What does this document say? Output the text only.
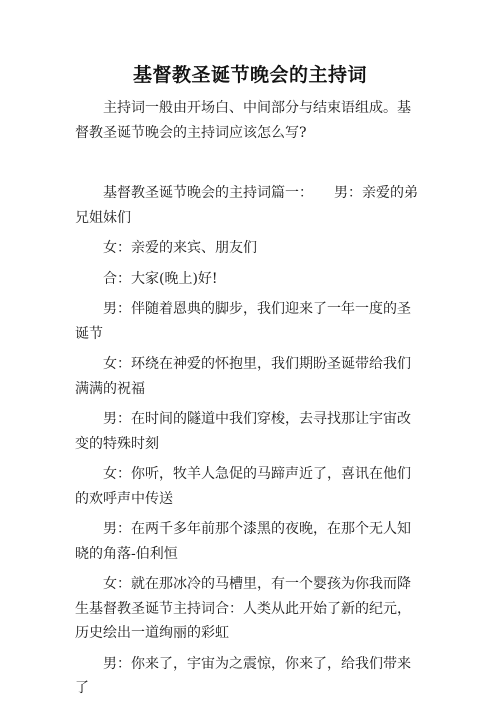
基督教圣诞节晚会的主持词

主持词一般由开场白、中间部分与结束语组成。基督教圣诞节晚会的主持词应该怎么写?

基督教圣诞节晚会的主持词篇一：　　男：亲爱的弟兄姐妹们

女：亲爱的来宾、朋友们

合：大家(晚上)好!

男：伴随着恩典的脚步，我们迎来了一年一度的圣诞节

女：环绕在神爱的怀抱里，我们期盼圣诞带给我们满满的祝福

男：在时间的隧道中我们穿梭，去寻找那让宇宙改变的特殊时刻

女：你听，牧羊人急促的马蹄声近了，喜讯在他们的欢呼声中传送

男：在两千多年前那个漆黑的夜晚，在那个无人知晓的角落-伯利恒

女：就在那冰冷的马槽里，有一个婴孩为你我而降生基督教圣诞节主持词合：人类从此开始了新的纪元，历史绘出一道绚丽的彩虹

男：你来了，宇宙为之震惊，你来了，给我们带来了
